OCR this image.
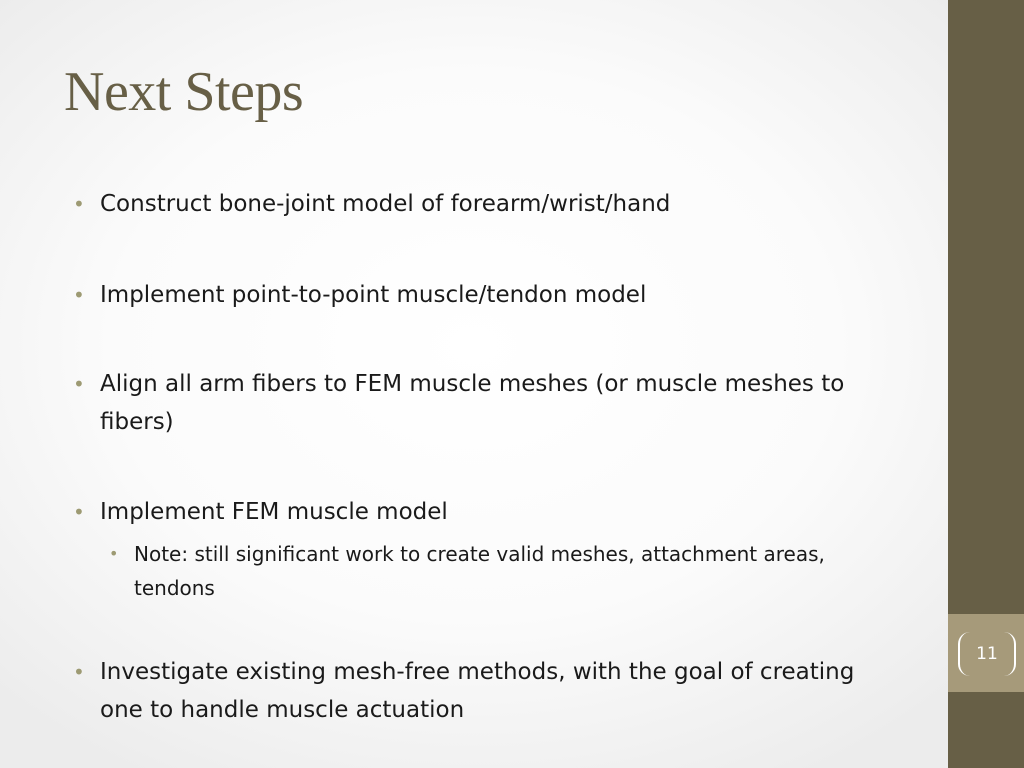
11
Next Steps
• Construct bone-joint model of forearm/wrist/hand
• Implement point-to-point muscle/tendon model
• Align all arm fibers to FEM muscle meshes (or muscle meshes to fibers)
• Implement FEM muscle model
• Note: still significant work to create valid meshes, attachment areas, tendons
• Investigate existing mesh-free methods, with the goal of creating one to handle muscle actuation
